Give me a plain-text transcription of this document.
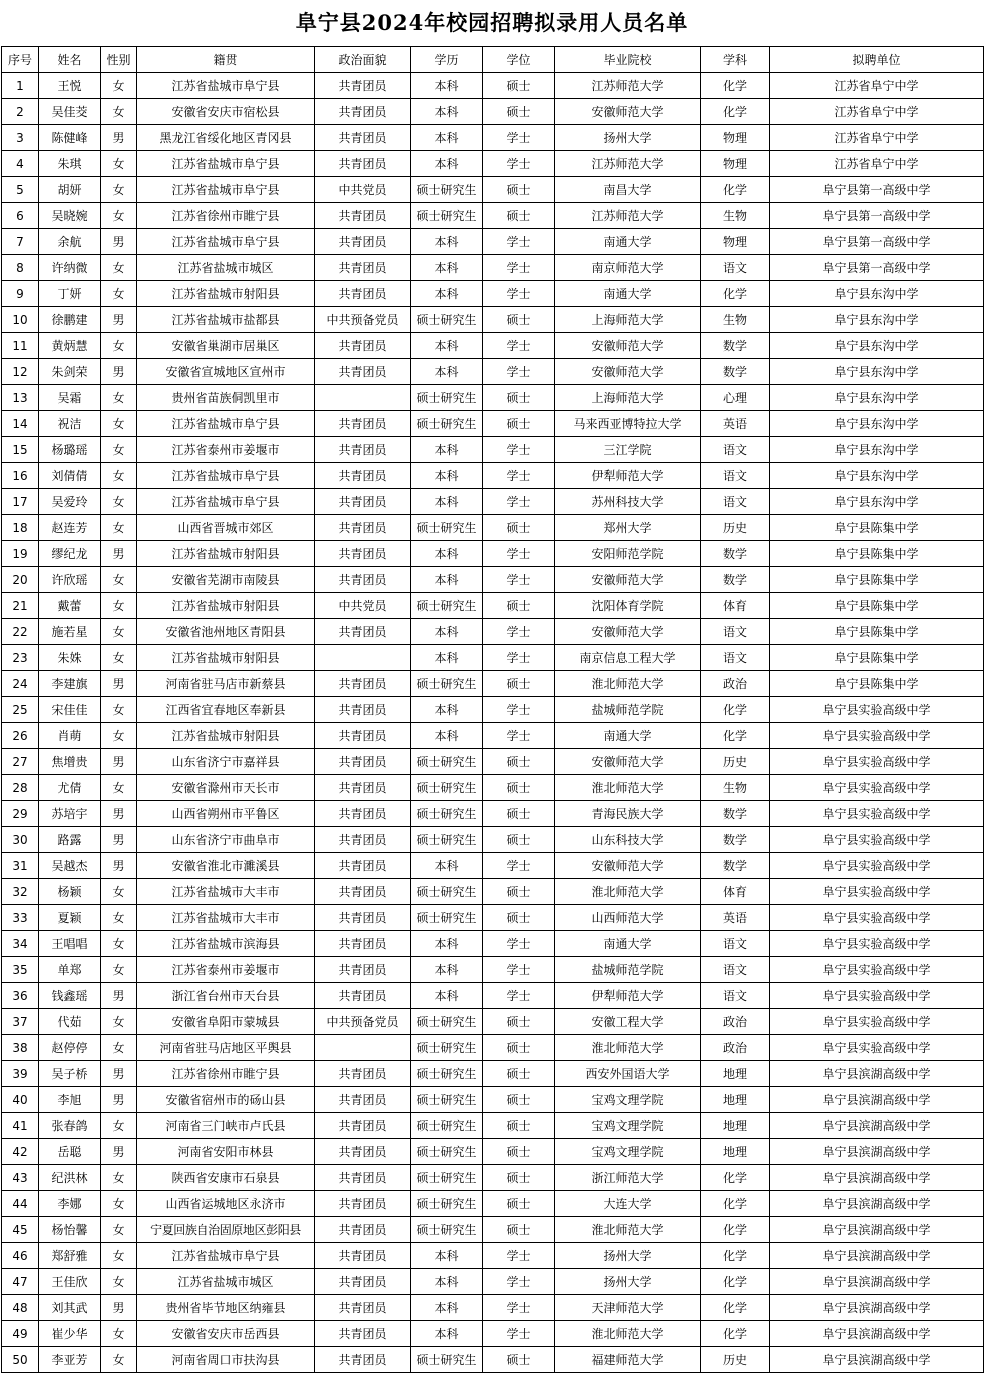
阜宁县2024年校园招聘拟录用人员名单
序号	姓名	性别	籍贯	政治面貌	学历	学位	毕业院校	学科	拟聘单位
1	王悦	女	江苏省盐城市阜宁县	共青团员	本科	硕士	江苏师范大学	化学	江苏省阜宁中学
2	吴佳茭	女	安徽省安庆市宿松县	共青团员	本科	硕士	安徽师范大学	化学	江苏省阜宁中学
3	陈健峰	男	黑龙江省绥化地区青冈县	共青团员	本科	学士	扬州大学	物理	江苏省阜宁中学
4	朱琪	女	江苏省盐城市阜宁县	共青团员	本科	学士	江苏师范大学	物理	江苏省阜宁中学
5	胡妍	女	江苏省盐城市阜宁县	中共党员	硕士研究生	硕士	南昌大学	化学	阜宁县第一高级中学
6	吴晓婉	女	江苏省徐州市睢宁县	共青团员	硕士研究生	硕士	江苏师范大学	生物	阜宁县第一高级中学
7	余航	男	江苏省盐城市阜宁县	共青团员	本科	学士	南通大学	物理	阜宁县第一高级中学
8	许纳微	女	江苏省盐城市城区	共青团员	本科	学士	南京师范大学	语文	阜宁县第一高级中学
9	丁妍	女	江苏省盐城市射阳县	共青团员	本科	学士	南通大学	化学	阜宁县东沟中学
10	徐鹏建	男	江苏省盐城市盐都县	中共预备党员	硕士研究生	硕士	上海师范大学	生物	阜宁县东沟中学
11	黄炳慧	女	安徽省巢湖市居巢区	共青团员	本科	学士	安徽师范大学	数学	阜宁县东沟中学
12	朱剑荣	男	安徽省宣城地区宣州市	共青团员	本科	学士	安徽师范大学	数学	阜宁县东沟中学
13	吴霜	女	贵州省苗族侗凯里市		硕士研究生	硕士	上海师范大学	心理	阜宁县东沟中学
14	祝洁	女	江苏省盐城市阜宁县	共青团员	硕士研究生	硕士	马来西亚博特拉大学	英语	阜宁县东沟中学
15	杨璐瑶	女	江苏省泰州市姜堰市	共青团员	本科	学士	三江学院	语文	阜宁县东沟中学
16	刘倩倩	女	江苏省盐城市阜宁县	共青团员	本科	学士	伊犁师范大学	语文	阜宁县东沟中学
17	吴爱玲	女	江苏省盐城市阜宁县	共青团员	本科	学士	苏州科技大学	语文	阜宁县东沟中学
18	赵连芳	女	山西省晋城市郊区	共青团员	硕士研究生	硕士	郑州大学	历史	阜宁县陈集中学
19	缪纪龙	男	江苏省盐城市射阳县	共青团员	本科	学士	安阳师范学院	数学	阜宁县陈集中学
20	许欣瑶	女	安徽省芜湖市南陵县	共青团员	本科	学士	安徽师范大学	数学	阜宁县陈集中学
21	戴蕾	女	江苏省盐城市射阳县	中共党员	硕士研究生	硕士	沈阳体育学院	体育	阜宁县陈集中学
22	施若星	女	安徽省池州地区青阳县	共青团员	本科	学士	安徽师范大学	语文	阜宁县陈集中学
23	朱姝	女	江苏省盐城市射阳县		本科	学士	南京信息工程大学	语文	阜宁县陈集中学
24	李建旗	男	河南省驻马店市新蔡县	共青团员	硕士研究生	硕士	淮北师范大学	政治	阜宁县陈集中学
25	宋佳佳	女	江西省宜春地区奉新县	共青团员	本科	学士	盐城师范学院	化学	阜宁县实验高级中学
26	肖萌	女	江苏省盐城市射阳县	共青团员	本科	学士	南通大学	化学	阜宁县实验高级中学
27	焦增贵	男	山东省济宁市嘉祥县	共青团员	硕士研究生	硕士	安徽师范大学	历史	阜宁县实验高级中学
28	尤倩	女	安徽省滁州市天长市	共青团员	硕士研究生	硕士	淮北师范大学	生物	阜宁县实验高级中学
29	苏培宇	男	山西省朔州市平鲁区	共青团员	硕士研究生	硕士	青海民族大学	数学	阜宁县实验高级中学
30	路露	男	山东省济宁市曲阜市	共青团员	硕士研究生	硕士	山东科技大学	数学	阜宁县实验高级中学
31	吴越杰	男	安徽省淮北市濉溪县	共青团员	本科	学士	安徽师范大学	数学	阜宁县实验高级中学
32	杨颖	女	江苏省盐城市大丰市	共青团员	硕士研究生	硕士	淮北师范大学	体育	阜宁县实验高级中学
33	夏颖	女	江苏省盐城市大丰市	共青团员	硕士研究生	硕士	山西师范大学	英语	阜宁县实验高级中学
34	王唱唱	女	江苏省盐城市滨海县	共青团员	本科	学士	南通大学	语文	阜宁县实验高级中学
35	单郑	女	江苏省泰州市姜堰市	共青团员	本科	学士	盐城师范学院	语文	阜宁县实验高级中学
36	钱鑫瑶	男	浙江省台州市天台县	共青团员	本科	学士	伊犁师范大学	语文	阜宁县实验高级中学
37	代茹	女	安徽省阜阳市蒙城县	中共预备党员	硕士研究生	硕士	安徽工程大学	政治	阜宁县实验高级中学
38	赵停停	女	河南省驻马店地区平舆县		硕士研究生	硕士	淮北师范大学	政治	阜宁县实验高级中学
39	吴子桥	男	江苏省徐州市睢宁县	共青团员	硕士研究生	硕士	西安外国语大学	地理	阜宁县滨湖高级中学
40	李旭	男	安徽省宿州市的砀山县	共青团员	硕士研究生	硕士	宝鸡文理学院	地理	阜宁县滨湖高级中学
41	张春鸽	女	河南省三门峡市卢氏县	共青团员	硕士研究生	硕士	宝鸡文理学院	地理	阜宁县滨湖高级中学
42	岳聪	男	河南省安阳市林县	共青团员	硕士研究生	硕士	宝鸡文理学院	地理	阜宁县滨湖高级中学
43	纪洪林	女	陕西省安康市石泉县	共青团员	硕士研究生	硕士	浙江师范大学	化学	阜宁县滨湖高级中学
44	李娜	女	山西省运城地区永济市	共青团员	硕士研究生	硕士	大连大学	化学	阜宁县滨湖高级中学
45	杨怡馨	女	宁夏回族自治固原地区彭阳县	共青团员	硕士研究生	硕士	淮北师范大学	化学	阜宁县滨湖高级中学
46	郑舒雅	女	江苏省盐城市阜宁县	共青团员	本科	学士	扬州大学	化学	阜宁县滨湖高级中学
47	王佳欣	女	江苏省盐城市城区	共青团员	本科	学士	扬州大学	化学	阜宁县滨湖高级中学
48	刘其武	男	贵州省毕节地区纳雍县	共青团员	本科	学士	天津师范大学	化学	阜宁县滨湖高级中学
49	崔少华	女	安徽省安庆市岳西县	共青团员	本科	学士	淮北师范大学	化学	阜宁县滨湖高级中学
50	李亚芳	女	河南省周口市扶沟县	共青团员	硕士研究生	硕士	福建师范大学	历史	阜宁县滨湖高级中学
